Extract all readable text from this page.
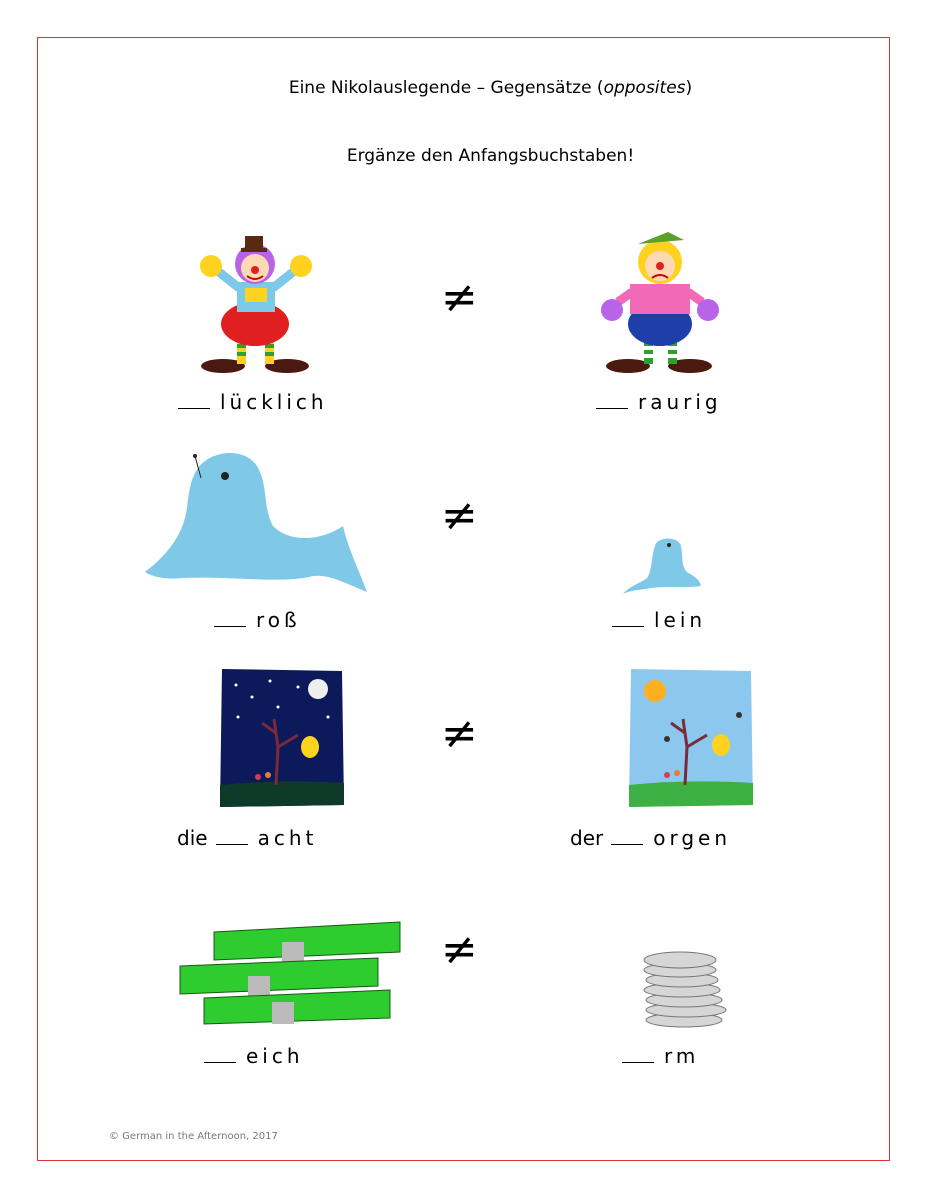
Eine Nikolauslegende – Gegensätze (opposites)
Ergänze den Anfangsbuchstaben!
≠
lücklich	raurig
≠
roß	lein
≠
die	acht	der	orgen
≠
eich	rm
© German in the Afternoon, 2017
